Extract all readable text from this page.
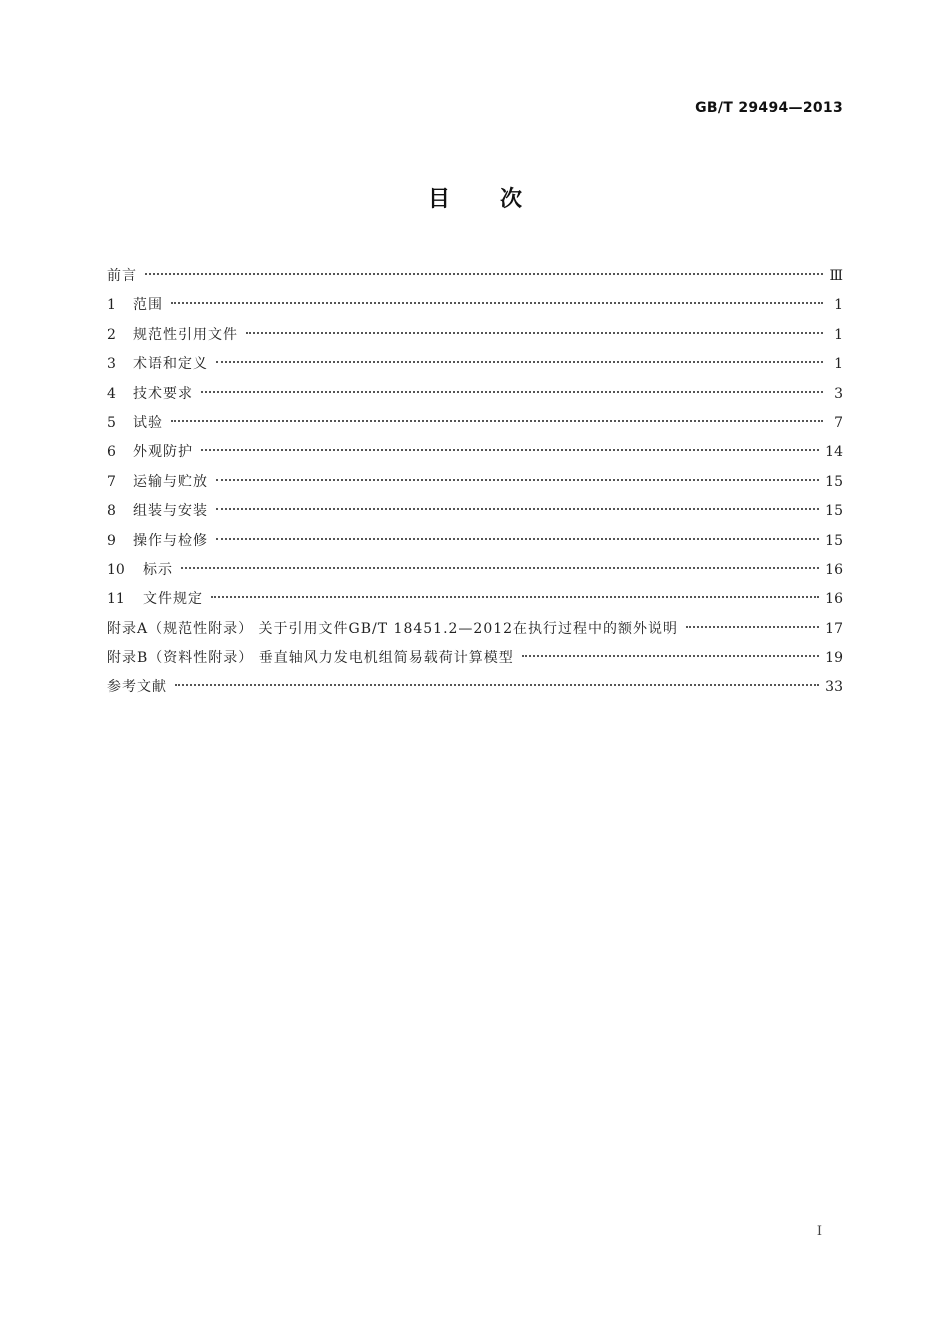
GB/T 29494—2013
目次
前言	Ⅲ
1	范围	1
2	规范性引用文件	1
3	术语和定义	1
4	技术要求	3
5	试验	7
6	外观防护	14
7	运输与贮放	15
8	组装与安装	15
9	操作与检修	15
10	标示	16
11	文件规定	16
附录A（规范性附录） 关于引用文件GB/T 18451.2—2012在执行过程中的额外说明	17
附录B（资料性附录） 垂直轴风力发电机组简易载荷计算模型	19
参考文献	33
I
